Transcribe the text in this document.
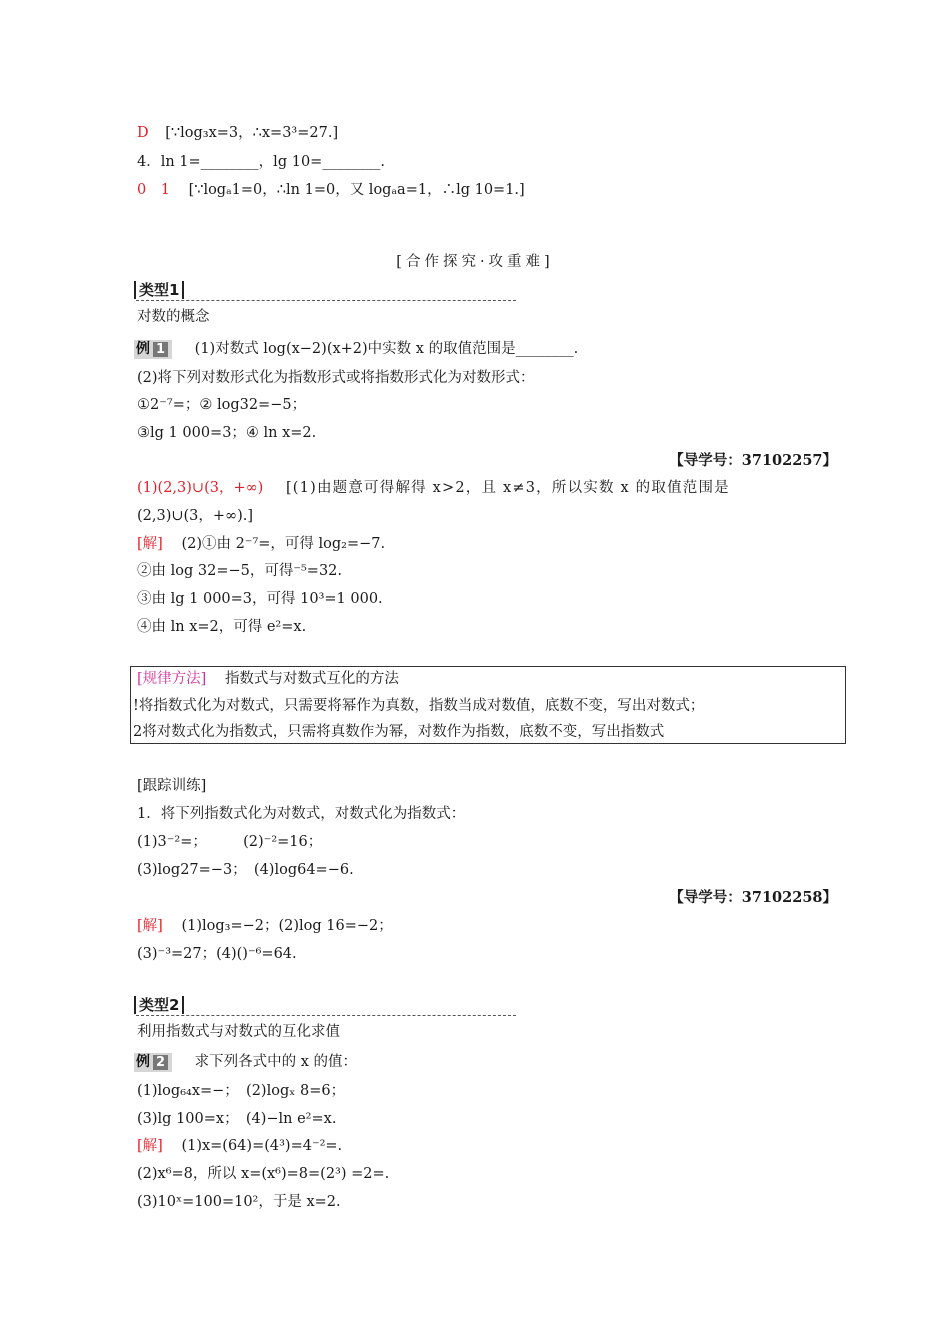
D [∵log₃x=3，∴x=3³=27.]
4．ln 1=________，lg 10=________.
0　1 [∵logₐ1=0，∴ln 1=0，又 logₐa=1，∴lg 10=1.]
[合作探究·攻重难]
类型1
对数的概念
例 1 (1)对数式 log(x−2)(x+2)中实数 x 的取值范围是________.
(2)将下列对数形式化为指数形式或将指数形式化为对数形式：
①2⁻⁷=；② log32=−5；
③lg 1 000=3；④ ln x=2.
【导学号：37102257】
(1)(2,3)∪(3，+∞) [(1)由题意可得解得 x>2，且 x≠3，所以实数 x 的取值范围是
(2,3)∪(3，+∞).]
[解] (2)①由 2⁻⁷=，可得 log₂=−7.
②由 log 32=−5，可得⁻⁵=32.
③由 lg 1 000=3，可得 10³=1 000.
④由 ln x=2，可得 e²=x.
[规律方法] 指数式与对数式互化的方法
!将指数式化为对数式，只需要将幂作为真数，指数当成对数值，底数不变，写出对数式；
2将对数式化为指数式，只需将真数作为幂，对数作为指数，底数不变，写出指数式
[跟踪训练]
1．将下列指数式化为对数式，对数式化为指数式：
(1)3⁻²=；　　　(2)⁻²=16；
(3)log27=−3；　(4)log64=−6.
【导学号：37102258】
[解] (1)log₃=−2；(2)log 16=−2；
(3)⁻³=27；(4)()⁻⁶=64.
类型2
利用指数式与对数式的互化求值
例 2 求下列各式中的 x 的值：
(1)log₆₄x=−；　(2)logₓ 8=6；
(3)lg 100=x；　(4)−ln e²=x.
[解] (1)x=(64)=(4³)=4⁻²=.
(2)x⁶=8，所以 x=(x⁶)=8=(2³) =2=.
(3)10ˣ=100=10²，于是 x=2.
